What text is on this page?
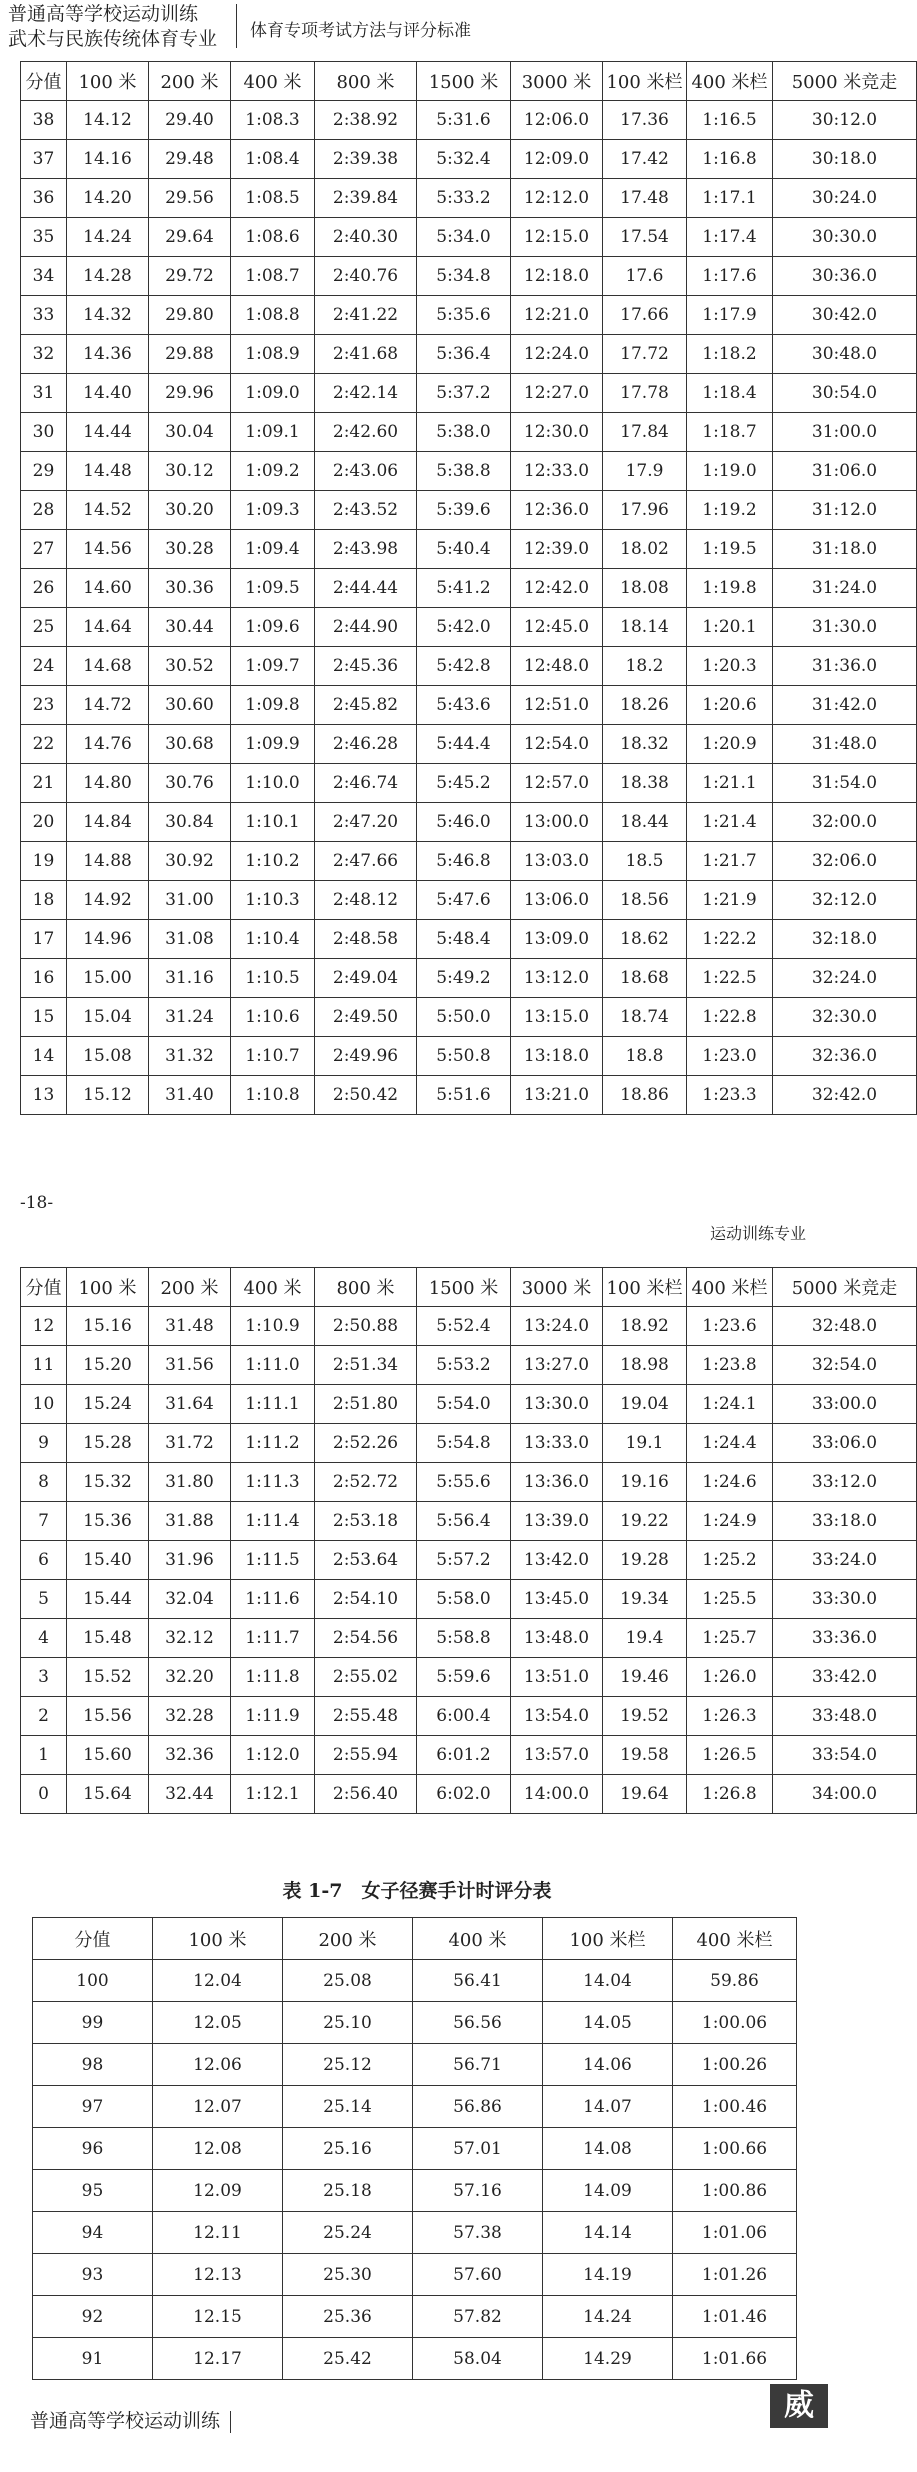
普通高等学校运动训练
武术与民族传统体育专业 体育专项考试方法与评分标准
分值	100 米	200 米	400 米	800 米	1500 米	3000 米	100 米栏	400 米栏	5000 米竞走
38	14.12	29.40	1:08.3	2:38.92	5:31.6	12:06.0	17.36	1:16.5	30:12.0
37	14.16	29.48	1:08.4	2:39.38	5:32.4	12:09.0	17.42	1:16.8	30:18.0
36	14.20	29.56	1:08.5	2:39.84	5:33.2	12:12.0	17.48	1:17.1	30:24.0
35	14.24	29.64	1:08.6	2:40.30	5:34.0	12:15.0	17.54	1:17.4	30:30.0
34	14.28	29.72	1:08.7	2:40.76	5:34.8	12:18.0	17.6	1:17.6	30:36.0
33	14.32	29.80	1:08.8	2:41.22	5:35.6	12:21.0	17.66	1:17.9	30:42.0
32	14.36	29.88	1:08.9	2:41.68	5:36.4	12:24.0	17.72	1:18.2	30:48.0
31	14.40	29.96	1:09.0	2:42.14	5:37.2	12:27.0	17.78	1:18.4	30:54.0
30	14.44	30.04	1:09.1	2:42.60	5:38.0	12:30.0	17.84	1:18.7	31:00.0
29	14.48	30.12	1:09.2	2:43.06	5:38.8	12:33.0	17.9	1:19.0	31:06.0
28	14.52	30.20	1:09.3	2:43.52	5:39.6	12:36.0	17.96	1:19.2	31:12.0
27	14.56	30.28	1:09.4	2:43.98	5:40.4	12:39.0	18.02	1:19.5	31:18.0
26	14.60	30.36	1:09.5	2:44.44	5:41.2	12:42.0	18.08	1:19.8	31:24.0
25	14.64	30.44	1:09.6	2:44.90	5:42.0	12:45.0	18.14	1:20.1	31:30.0
24	14.68	30.52	1:09.7	2:45.36	5:42.8	12:48.0	18.2	1:20.3	31:36.0
23	14.72	30.60	1:09.8	2:45.82	5:43.6	12:51.0	18.26	1:20.6	31:42.0
22	14.76	30.68	1:09.9	2:46.28	5:44.4	12:54.0	18.32	1:20.9	31:48.0
21	14.80	30.76	1:10.0	2:46.74	5:45.2	12:57.0	18.38	1:21.1	31:54.0
20	14.84	30.84	1:10.1	2:47.20	5:46.0	13:00.0	18.44	1:21.4	32:00.0
19	14.88	30.92	1:10.2	2:47.66	5:46.8	13:03.0	18.5	1:21.7	32:06.0
18	14.92	31.00	1:10.3	2:48.12	5:47.6	13:06.0	18.56	1:21.9	32:12.0
17	14.96	31.08	1:10.4	2:48.58	5:48.4	13:09.0	18.62	1:22.2	32:18.0
16	15.00	31.16	1:10.5	2:49.04	5:49.2	13:12.0	18.68	1:22.5	32:24.0
15	15.04	31.24	1:10.6	2:49.50	5:50.0	13:15.0	18.74	1:22.8	32:30.0
14	15.08	31.32	1:10.7	2:49.96	5:50.8	13:18.0	18.8	1:23.0	32:36.0
13	15.12	31.40	1:10.8	2:50.42	5:51.6	13:21.0	18.86	1:23.3	32:42.0
-18-
运动训练专业
分值	100 米	200 米	400 米	800 米	1500 米	3000 米	100 米栏	400 米栏	5000 米竞走
12	15.16	31.48	1:10.9	2:50.88	5:52.4	13:24.0	18.92	1:23.6	32:48.0
11	15.20	31.56	1:11.0	2:51.34	5:53.2	13:27.0	18.98	1:23.8	32:54.0
10	15.24	31.64	1:11.1	2:51.80	5:54.0	13:30.0	19.04	1:24.1	33:00.0
9	15.28	31.72	1:11.2	2:52.26	5:54.8	13:33.0	19.1	1:24.4	33:06.0
8	15.32	31.80	1:11.3	2:52.72	5:55.6	13:36.0	19.16	1:24.6	33:12.0
7	15.36	31.88	1:11.4	2:53.18	5:56.4	13:39.0	19.22	1:24.9	33:18.0
6	15.40	31.96	1:11.5	2:53.64	5:57.2	13:42.0	19.28	1:25.2	33:24.0
5	15.44	32.04	1:11.6	2:54.10	5:58.0	13:45.0	19.34	1:25.5	33:30.0
4	15.48	32.12	1:11.7	2:54.56	5:58.8	13:48.0	19.4	1:25.7	33:36.0
3	15.52	32.20	1:11.8	2:55.02	5:59.6	13:51.0	19.46	1:26.0	33:42.0
2	15.56	32.28	1:11.9	2:55.48	6:00.4	13:54.0	19.52	1:26.3	33:48.0
1	15.60	32.36	1:12.0	2:55.94	6:01.2	13:57.0	19.58	1:26.5	33:54.0
0	15.64	32.44	1:12.1	2:56.40	6:02.0	14:00.0	19.64	1:26.8	34:00.0
表 1-7　女子径赛手计时评分表
分值	100 米	200 米	400 米	100 米栏	400 米栏
100	12.04	25.08	56.41	14.04	59.86
99	12.05	25.10	56.56	14.05	1:00.06
98	12.06	25.12	56.71	14.06	1:00.26
97	12.07	25.14	56.86	14.07	1:00.46
96	12.08	25.16	57.01	14.08	1:00.66
95	12.09	25.18	57.16	14.09	1:00.86
94	12.11	25.24	57.38	14.14	1:01.06
93	12.13	25.30	57.60	14.19	1:01.26
92	12.15	25.36	57.82	14.24	1:01.46
91	12.17	25.42	58.04	14.29	1:01.66
普通高等学校运动训练	威量
